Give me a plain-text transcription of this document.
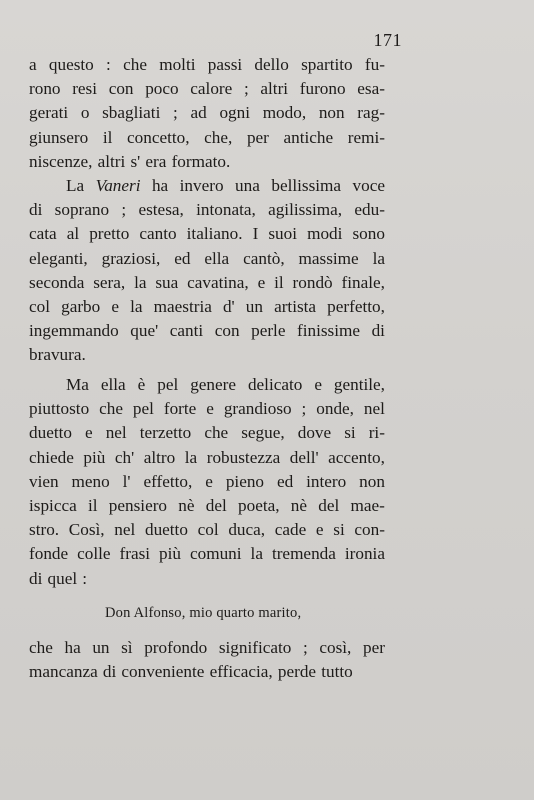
171
a questo : che molti passi dello spartito fu-
rono resi con poco calore ; altri furono esa-
gerati o sbagliati ; ad ogni modo, non rag-
giunsero il concetto, che, per antiche remi-
niscenze, altri s' era formato.
La Vaneri ha invero una bellissima voce
di soprano ; estesa, intonata, agilissima, edu-
cata al pretto canto italiano. I suoi modi sono
eleganti, graziosi, ed ella cantò, massime la
seconda sera, la sua cavatina, e il rondò finale,
col garbo e la maestria d' un artista perfetto,
ingemmando que' canti con perle finissime di
bravura.
Ma ella è pel genere delicato e gentile,
piuttosto che pel forte e grandioso ; onde, nel
duetto e nel terzetto che segue, dove si ri-
chiede più ch' altro la robustezza dell' accento,
vien meno l' effetto, e pieno ed intero non
ispicca il pensiero nè del poeta, nè del mae-
stro. Così, nel duetto col duca, cade e si con-
fonde colle frasi più comuni la tremenda ironia
di quel :
Don Alfonso, mio quarto marito,
che ha un sì profondo significato ; così, per
mancanza di conveniente efficacia, perde tutto
